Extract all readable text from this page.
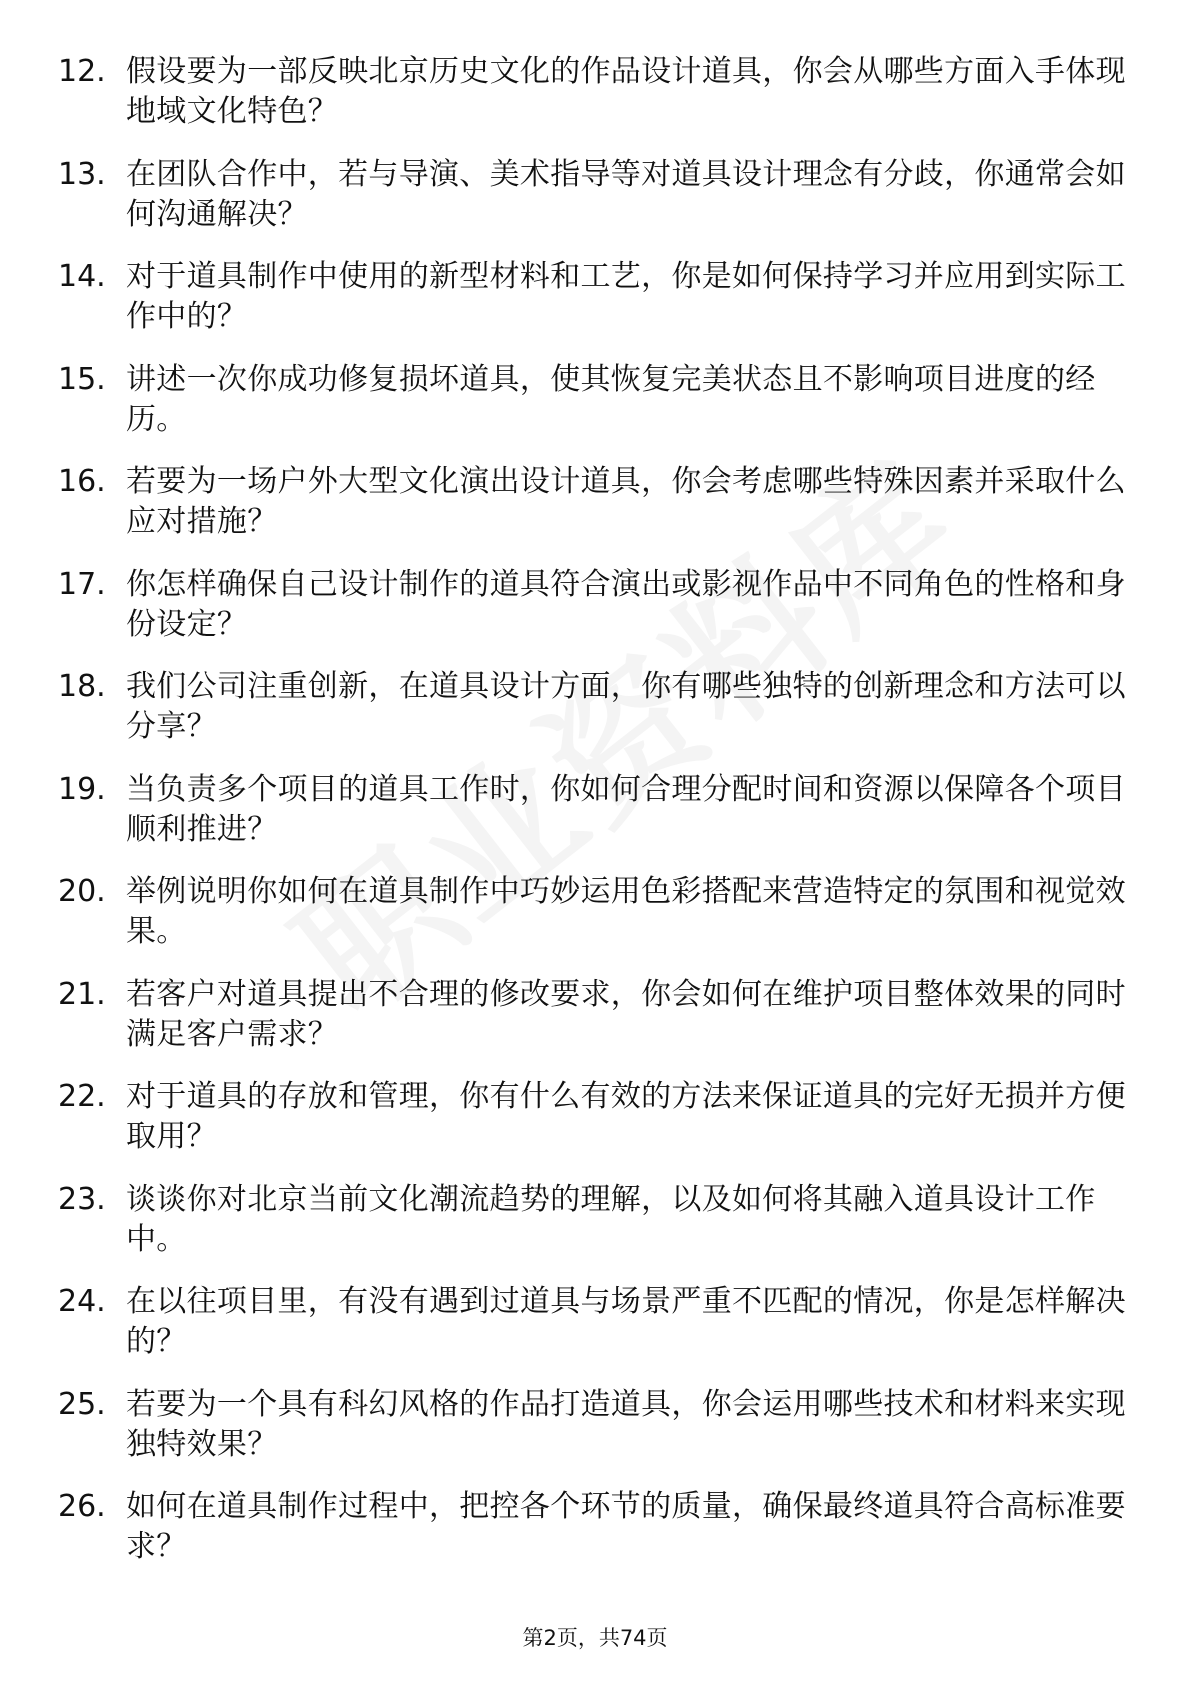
12. 假设要为一部反映北京历史文化的作品设计道具，你会从哪些方面入手体现地域文化特色？
13. 在团队合作中，若与导演、美术指导等对道具设计理念有分歧，你通常会如何沟通解决？
14. 对于道具制作中使用的新型材料和工艺，你是如何保持学习并应用到实际工作中的？
15. 讲述一次你成功修复损坏道具，使其恢复完美状态且不影响项目进度的经历。
16. 若要为一场户外大型文化演出设计道具，你会考虑哪些特殊因素并采取什么应对措施？
17. 你怎样确保自己设计制作的道具符合演出或影视作品中不同角色的性格和身份设定？
18. 我们公司注重创新，在道具设计方面，你有哪些独特的创新理念和方法可以分享？
19. 当负责多个项目的道具工作时，你如何合理分配时间和资源以保障各个项目顺利推进？
20. 举例说明你如何在道具制作中巧妙运用色彩搭配来营造特定的氛围和视觉效果。
21. 若客户对道具提出不合理的修改要求，你会如何在维护项目整体效果的同时满足客户需求？
22. 对于道具的存放和管理，你有什么有效的方法来保证道具的完好无损并方便取用？
23. 谈谈你对北京当前文化潮流趋势的理解，以及如何将其融入道具设计工作中。
24. 在以往项目里，有没有遇到过道具与场景严重不匹配的情况，你是怎样解决的？
25. 若要为一个具有科幻风格的作品打造道具，你会运用哪些技术和材料来实现独特效果？
26. 如何在道具制作过程中，把控各个环节的质量，确保最终道具符合高标准要求？
第2页，共74页
